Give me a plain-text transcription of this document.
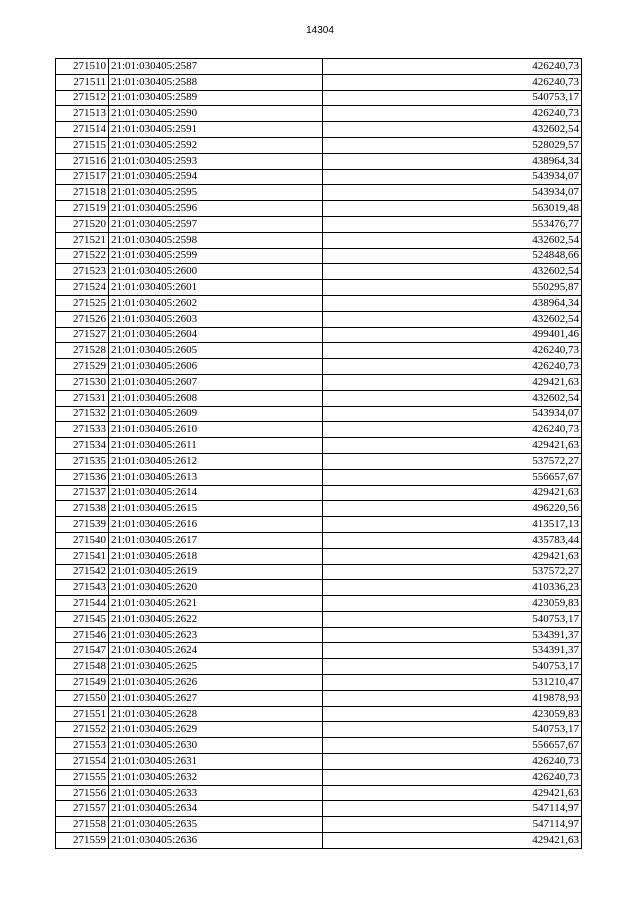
14304
271510	21:01:030405:2587	426240,73
271511	21:01:030405:2588	426240,73
271512	21:01:030405:2589	540753,17
271513	21:01:030405:2590	426240,73
271514	21:01:030405:2591	432602,54
271515	21:01:030405:2592	528029,57
271516	21:01:030405:2593	438964,34
271517	21:01:030405:2594	543934,07
271518	21:01:030405:2595	543934,07
271519	21:01:030405:2596	563019,48
271520	21:01:030405:2597	553476,77
271521	21:01:030405:2598	432602,54
271522	21:01:030405:2599	524848,66
271523	21:01:030405:2600	432602,54
271524	21:01:030405:2601	550295,87
271525	21:01:030405:2602	438964,34
271526	21:01:030405:2603	432602,54
271527	21:01:030405:2604	499401,46
271528	21:01:030405:2605	426240,73
271529	21:01:030405:2606	426240,73
271530	21:01:030405:2607	429421,63
271531	21:01:030405:2608	432602,54
271532	21:01:030405:2609	543934,07
271533	21:01:030405:2610	426240,73
271534	21:01:030405:2611	429421,63
271535	21:01:030405:2612	537572,27
271536	21:01:030405:2613	556657,67
271537	21:01:030405:2614	429421,63
271538	21:01:030405:2615	496220,56
271539	21:01:030405:2616	413517,13
271540	21:01:030405:2617	435783,44
271541	21:01:030405:2618	429421,63
271542	21:01:030405:2619	537572,27
271543	21:01:030405:2620	410336,23
271544	21:01:030405:2621	423059,83
271545	21:01:030405:2622	540753,17
271546	21:01:030405:2623	534391,37
271547	21:01:030405:2624	534391,37
271548	21:01:030405:2625	540753,17
271549	21:01:030405:2626	531210,47
271550	21:01:030405:2627	419878,93
271551	21:01:030405:2628	423059,83
271552	21:01:030405:2629	540753,17
271553	21:01:030405:2630	556657,67
271554	21:01:030405:2631	426240,73
271555	21:01:030405:2632	426240,73
271556	21:01:030405:2633	429421,63
271557	21:01:030405:2634	547114,97
271558	21:01:030405:2635	547114,97
271559	21:01:030405:2636	429421,63
